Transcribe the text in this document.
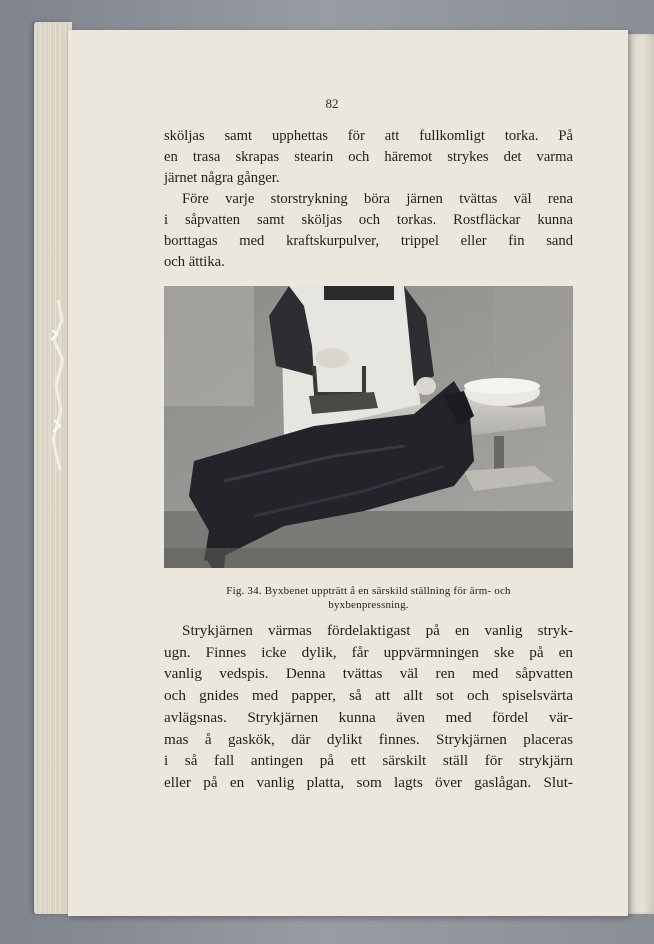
82
sköljas samt upphettas för att fullkomligt torka. På
en trasa skrapas stearin och häremot strykes det varma
järnet några gånger.
Före varje storstrykning böra järnen tvättas väl rena
i såpvatten samt sköljas och torkas. Rostfläckar kunna
borttagas med kraftskurpulver, trippel eller fin sand
och ättika.
Fig. 34. Byxbenet uppträtt å en särskild ställning för ärm- och
byxbenpressning.
Strykjärnen värmas fördelaktigast på en vanlig stryk-
ugn. Finnes icke dylik, får uppvärmningen ske på en
vanlig vedspis. Denna tvättas väl ren med såpvatten
och gnides med papper, så att allt sot och spiselsvärta
avlägsnas. Strykjärnen kunna även med fördel vär-
mas å gaskök, där dylikt finnes. Strykjärnen placeras
i så fall antingen på ett särskilt ställ för strykjärn
eller på en vanlig platta, som lagts över gaslågan. Slut-
